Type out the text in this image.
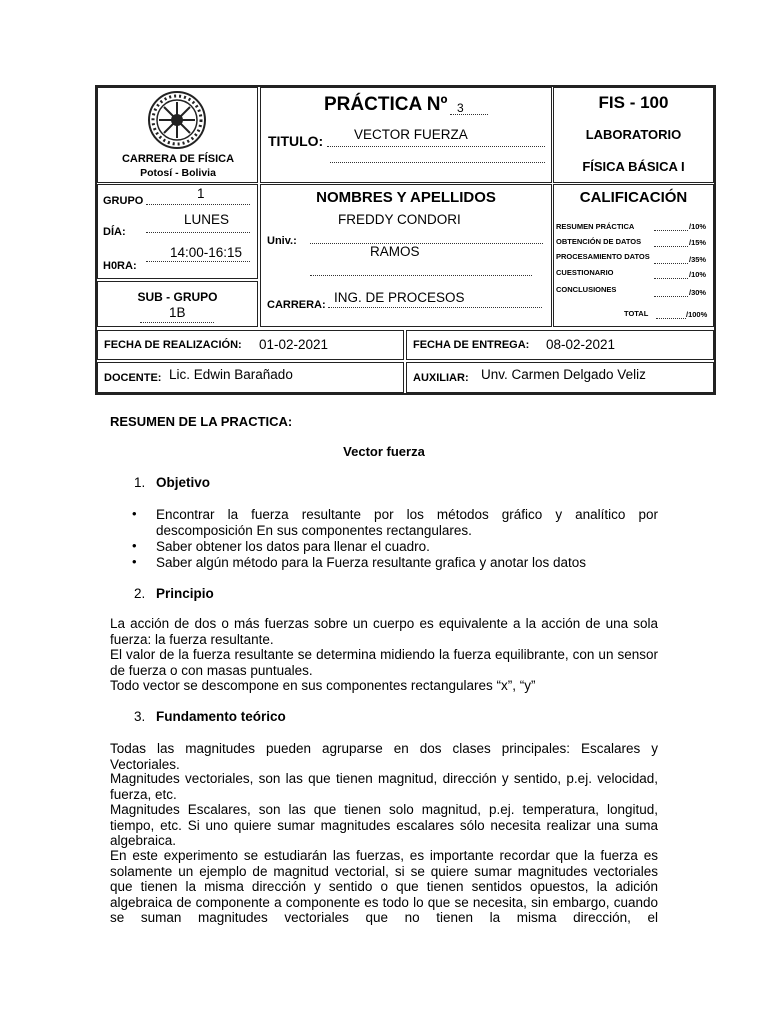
CARRERA DE FÍSICA
Potosí - Bolivia
PRÁCTICA Nº 3
TITULO: VECTOR FUERZA
FIS - 100
LABORATORIO
FÍSICA BÁSICA I
GRUPO	1
DÍA:
LUNES
H0RA:
14:00-16:15
NOMBRES Y APELLIDOS
Univ.:
FREDDY CONDORI
RAMOS
CARRERA: ING. DE PROCESOS
CALIFICACIÓN
RESUMEN PRÁCTICA	/10%
OBTENCIÓN DE DATOS	/15%
PROCESAMIENTO DATOS	/35%
CUESTIONARIO	/10%
CONCLUSIONES	/30%
TOTAL	/100%
SUB - GRUPO
1B
FECHA DE REALIZACIÓN: 01-02-2021	FECHA DE ENTREGA: 08-02-2021
DOCENTE: Lic. Edwin Barañado	AUXILIAR: Unv. Carmen Delgado Veliz
RESUMEN DE LA PRACTICA:
Vector fuerza
1. Objetivo
• Encontrar la fuerza resultante por los métodos gráfico y analítico por descomposición En sus componentes rectangulares.
• Saber obtener los datos para llenar el cuadro.
• Saber algún método para la Fuerza resultante grafica y anotar los datos
2. Principio
La acción de dos o más fuerzas sobre un cuerpo es equivalente a la acción de una sola fuerza: la fuerza resultante.
El valor de la fuerza resultante se determina midiendo la fuerza equilibrante, con un sensor de fuerza o con masas puntuales.
Todo vector se descompone en sus componentes rectangulares “x”, “y”
3. Fundamento teórico
Todas las magnitudes pueden agruparse en dos clases principales: Escalares y Vectoriales.
Magnitudes vectoriales, son las que tienen magnitud, dirección y sentido, p.ej. velocidad, fuerza, etc.
Magnitudes Escalares, son las que tienen solo magnitud, p.ej. temperatura, longitud, tiempo, etc. Si uno quiere sumar magnitudes escalares sólo necesita realizar una suma algebraica.
En este experimento se estudiarán las fuerzas, es importante recordar que la fuerza es solamente un ejemplo de magnitud vectorial, si se quiere sumar magnitudes vectoriales que tienen la misma dirección y sentido o que tienen sentidos opuestos, la adición algebraica de componente a componente es todo lo que se necesita, sin embargo, cuando se suman magnitudes vectoriales que no tienen la misma dirección, el
